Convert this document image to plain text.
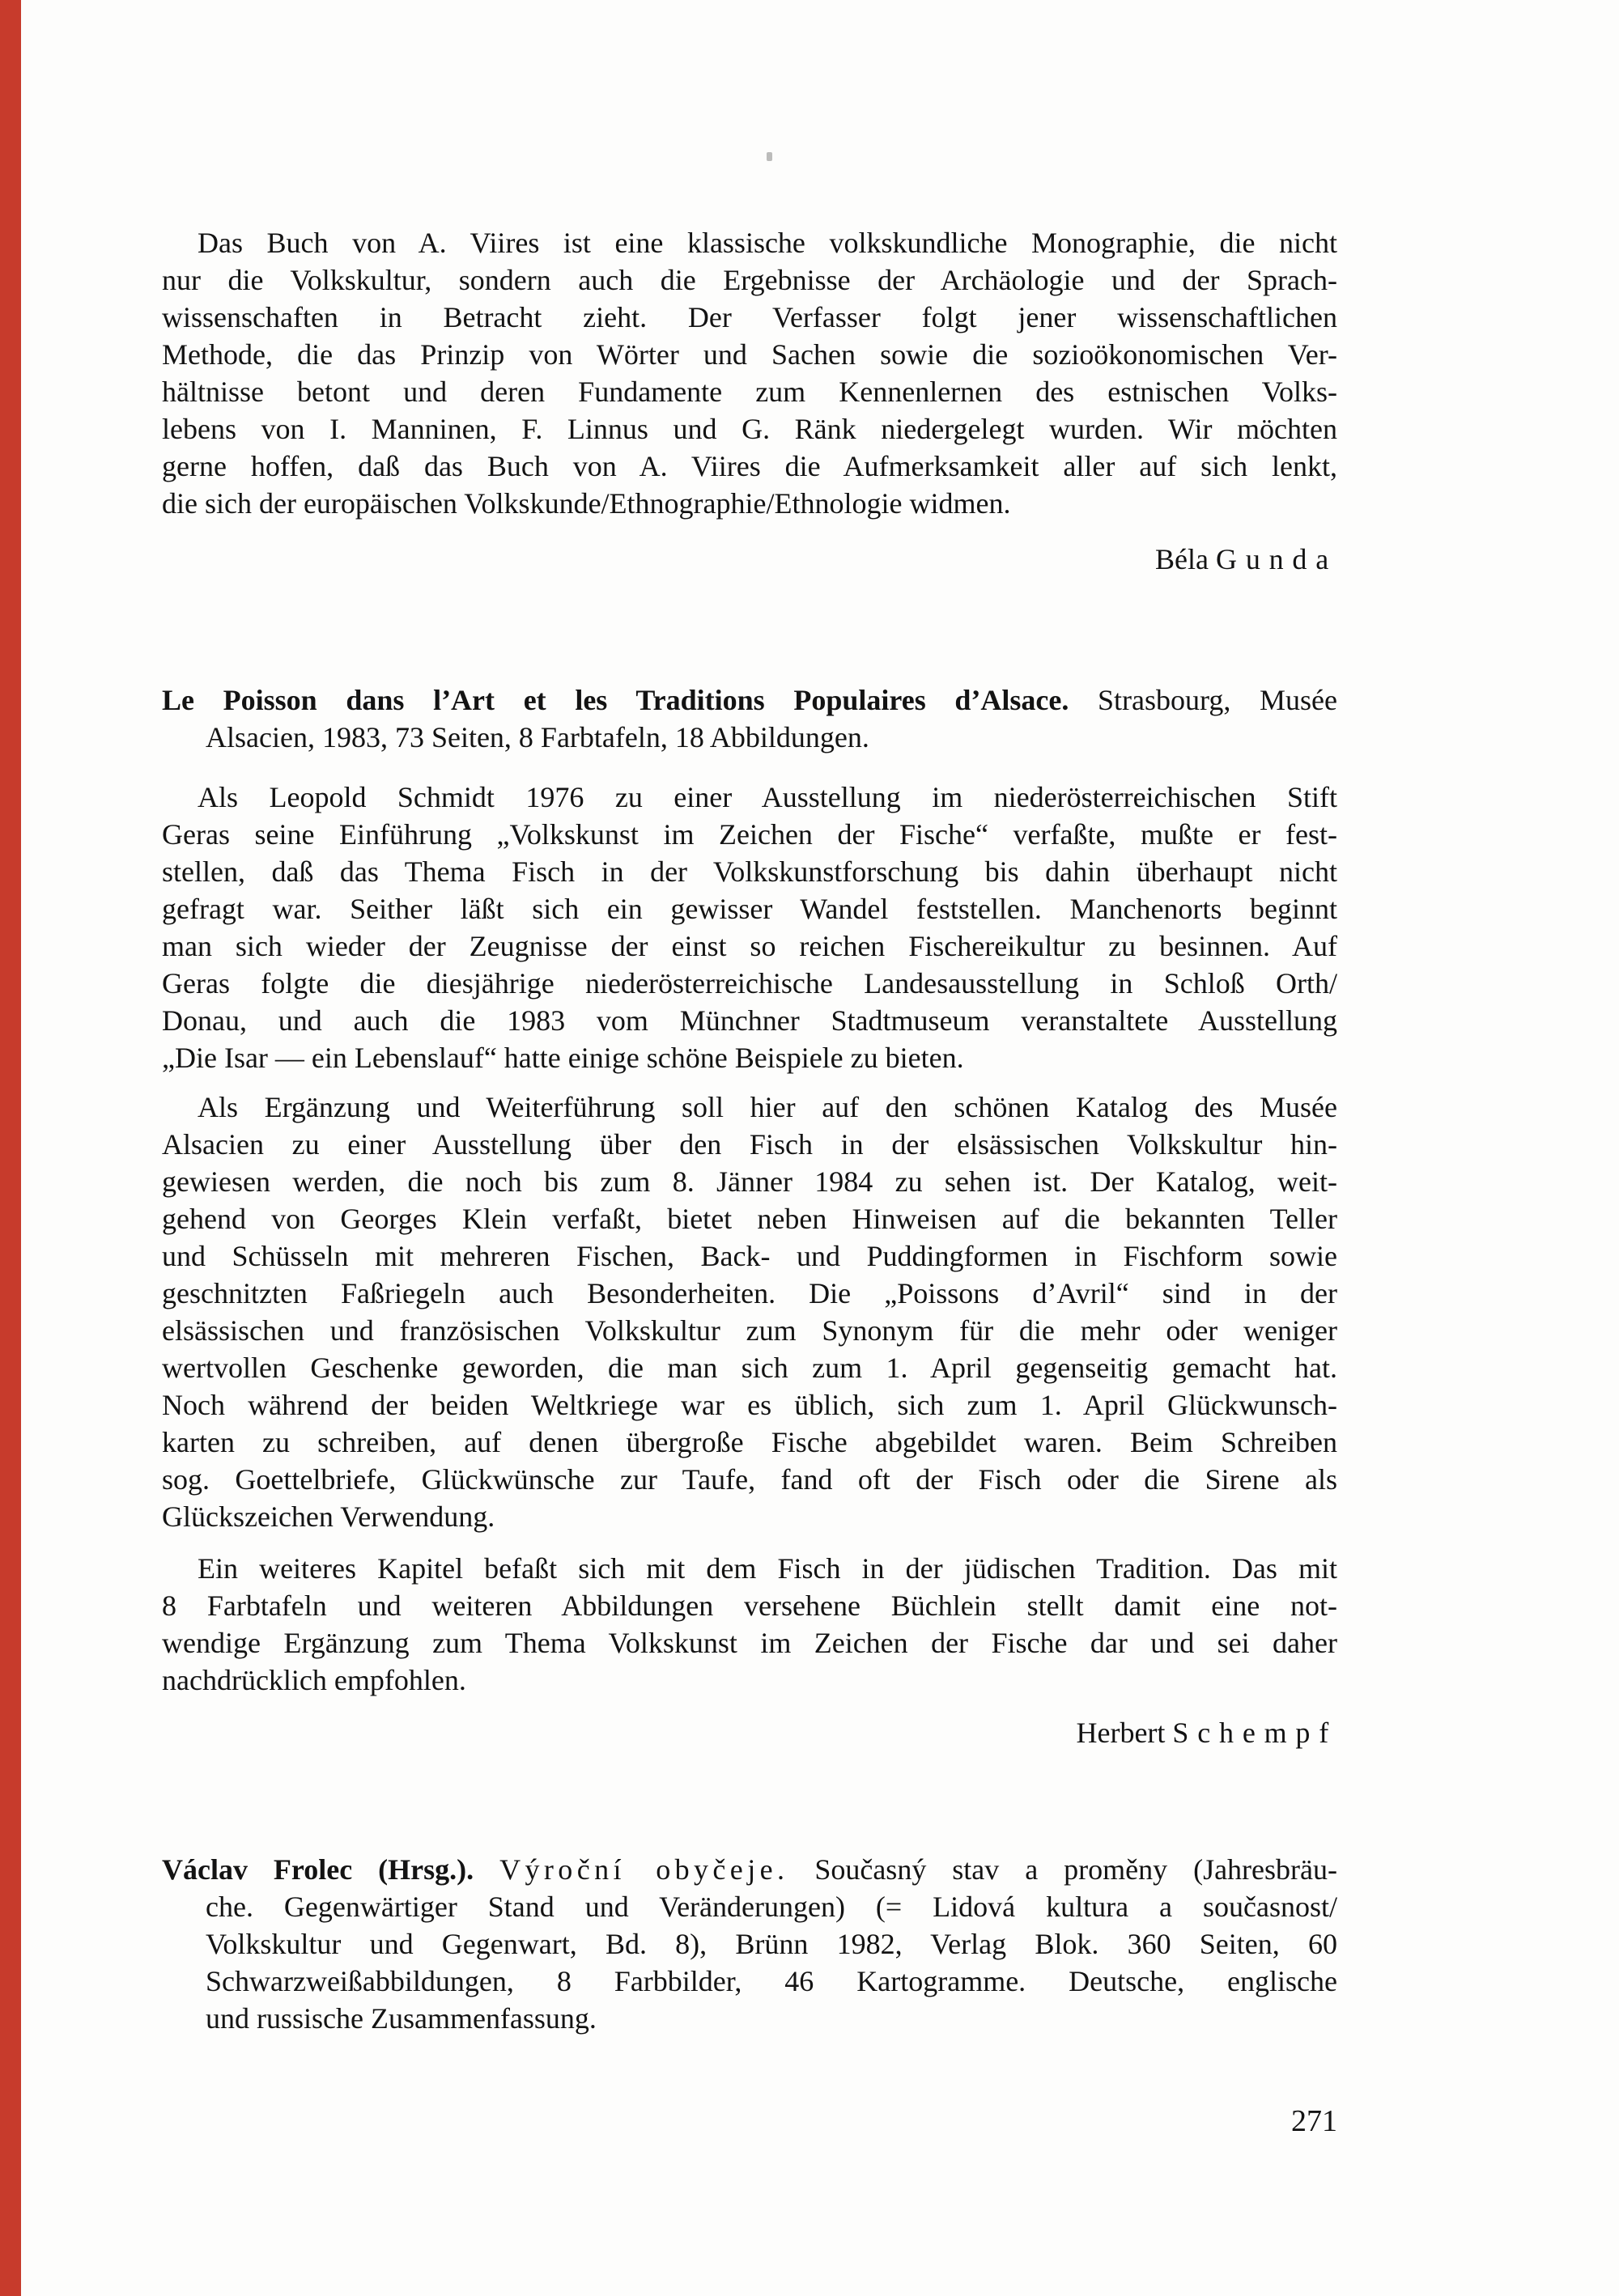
Das Buch von A. Viires ist eine klassische volkskundliche Monographie, die nicht
nur die Volkskultur, sondern auch die Ergebnisse der Archäologie und der Sprach-
wissenschaften in Betracht zieht. Der Verfasser folgt jener wissenschaftlichen
Methode, die das Prinzip von Wörter und Sachen sowie die sozioökonomischen Ver-
hältnisse betont und deren Fundamente zum Kennenlernen des estnischen Volks-
lebens von I. Manninen, F. Linnus und G. Ränk niedergelegt wurden. Wir möchten
gerne hoffen, daß das Buch von A. Viires die Aufmerksamkeit aller auf sich lenkt,
die sich der europäischen Volkskunde/Ethnographie/Ethnologie widmen.
Béla Gunda
Le Poisson dans l’Art et les Traditions Populaires d’Alsace. Strasbourg, Musée
Alsacien, 1983, 73 Seiten, 8 Farbtafeln, 18 Abbildungen.
Als Leopold Schmidt 1976 zu einer Ausstellung im niederösterreichischen Stift
Geras seine Einführung „Volkskunst im Zeichen der Fische“ verfaßte, mußte er fest-
stellen, daß das Thema Fisch in der Volkskunstforschung bis dahin überhaupt nicht
gefragt war. Seither läßt sich ein gewisser Wandel feststellen. Manchenorts beginnt
man sich wieder der Zeugnisse der einst so reichen Fischereikultur zu besinnen. Auf
Geras folgte die diesjährige niederösterreichische Landesausstellung in Schloß Orth/
Donau, und auch die 1983 vom Münchner Stadtmuseum veranstaltete Ausstellung
„Die Isar — ein Lebenslauf“ hatte einige schöne Beispiele zu bieten.
Als Ergänzung und Weiterführung soll hier auf den schönen Katalog des Musée
Alsacien zu einer Ausstellung über den Fisch in der elsässischen Volkskultur hin-
gewiesen werden, die noch bis zum 8. Jänner 1984 zu sehen ist. Der Katalog, weit-
gehend von Georges Klein verfaßt, bietet neben Hinweisen auf die bekannten Teller
und Schüsseln mit mehreren Fischen, Back- und Puddingformen in Fischform sowie
geschnitzten Faßriegeln auch Besonderheiten. Die „Poissons d’Avril“ sind in der
elsässischen und französischen Volkskultur zum Synonym für die mehr oder weniger
wertvollen Geschenke geworden, die man sich zum 1. April gegenseitig gemacht hat.
Noch während der beiden Weltkriege war es üblich, sich zum 1. April Glückwunsch-
karten zu schreiben, auf denen übergroße Fische abgebildet waren. Beim Schreiben
sog. Goettelbriefe, Glückwünsche zur Taufe, fand oft der Fisch oder die Sirene als
Glückszeichen Verwendung.
Ein weiteres Kapitel befaßt sich mit dem Fisch in der jüdischen Tradition. Das mit
8 Farbtafeln und weiteren Abbildungen versehene Büchlein stellt damit eine not-
wendige Ergänzung zum Thema Volkskunst im Zeichen der Fische dar und sei daher
nachdrücklich empfohlen.
Herbert Schempf
Václav Frolec (Hrsg.). Výroční obyčeje. Současný stav a proměny (Jahresbräu-
che. Gegenwärtiger Stand und Veränderungen) (= Lidová kultura a současnost/
Volkskultur und Gegenwart, Bd. 8), Brünn 1982, Verlag Blok. 360 Seiten, 60
Schwarzweißabbildungen, 8 Farbbilder, 46 Kartogramme. Deutsche, englische
und russische Zusammenfassung.
271
